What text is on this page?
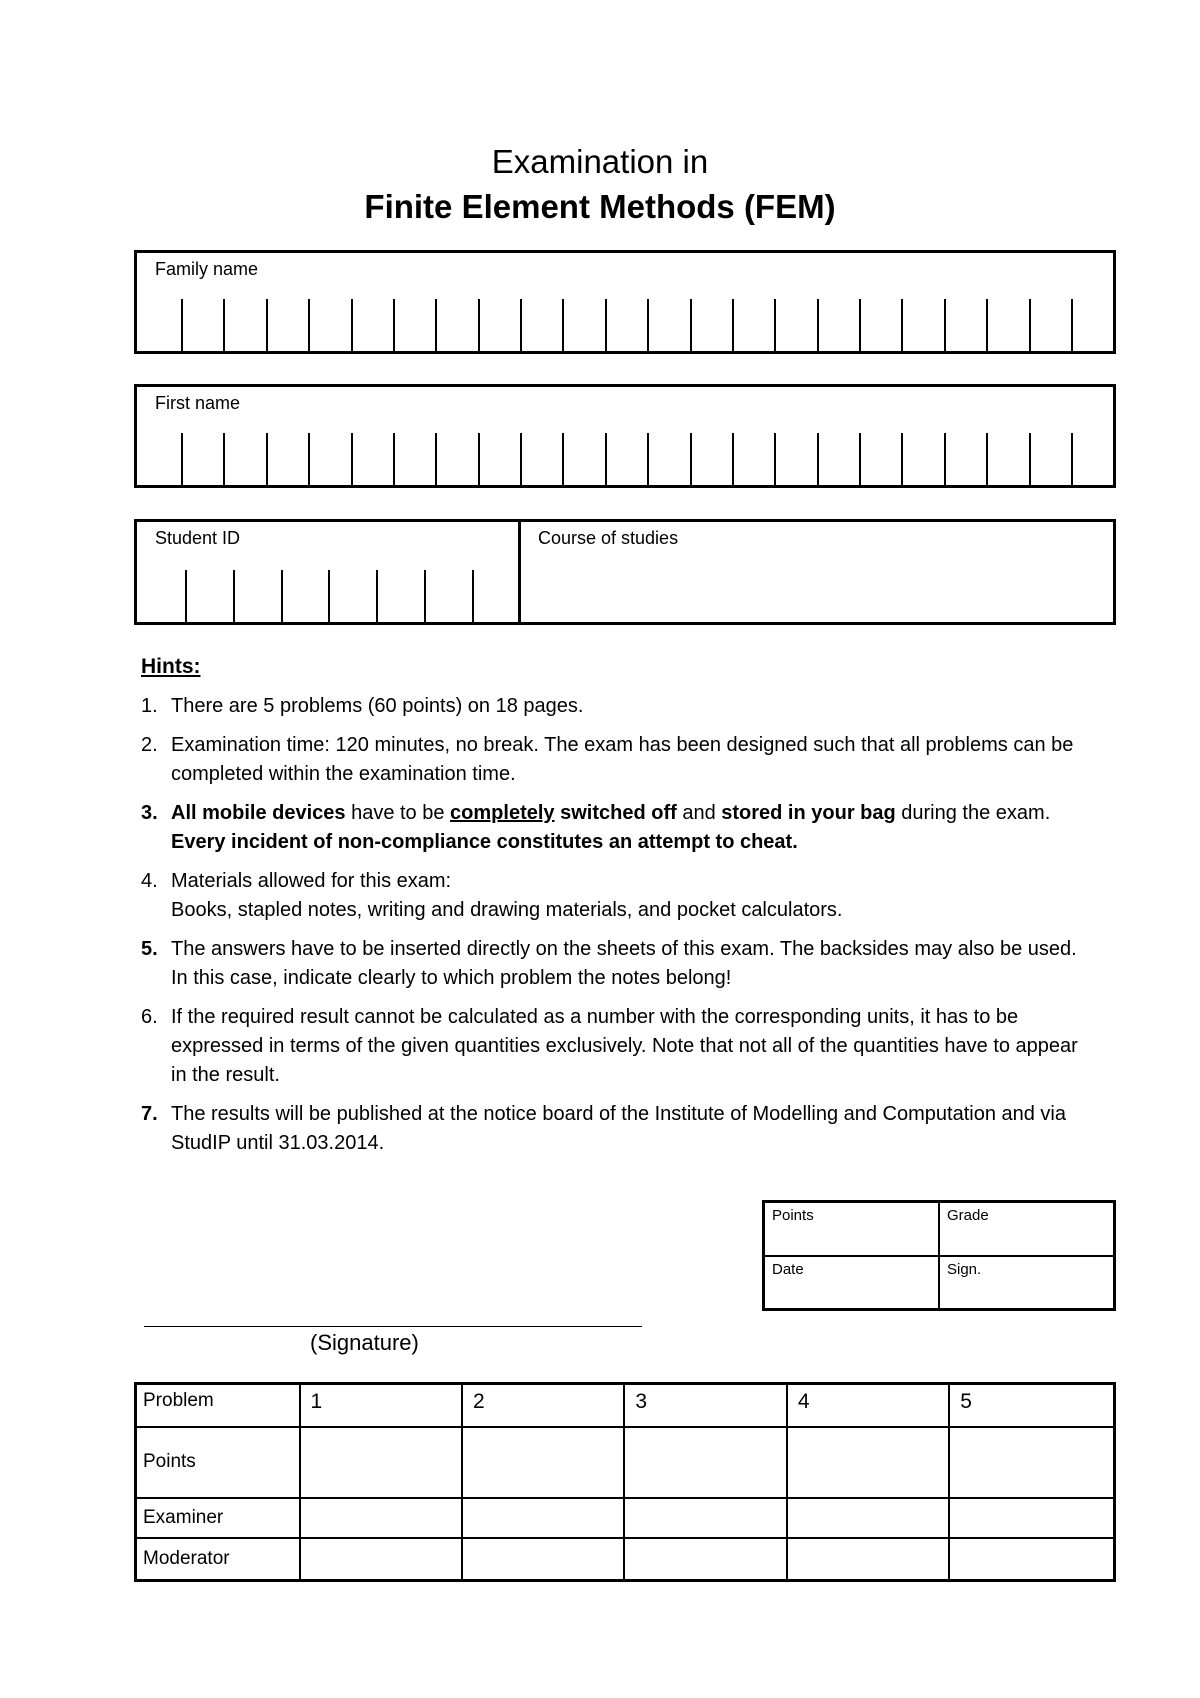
Examination in
Finite Element Methods (FEM)
Family name
First name
Student ID	Course of studies
Hints:
1. There are 5 problems (60 points) on 18 pages.
2. Examination time: 120 minutes, no break. The exam has been designed such that all problems can be completed within the examination time.
3. All mobile devices have to be completely switched off and stored in your bag during the exam. Every incident of non-compliance constitutes an attempt to cheat.
4. Materials allowed for this exam:
Books, stapled notes, writing and drawing materials, and pocket calculators.
5. The answers have to be inserted directly on the sheets of this exam. The backsides may also be used. In this case, indicate clearly to which problem the notes belong!
6. If the required result cannot be calculated as a number with the corresponding units, it has to be expressed in terms of the given quantities exclusively. Note that not all of the quantities have to appear in the result.
7. The results will be published at the notice board of the Institute of Modelling and Computation and via StudIP until 31.03.2014.
Points	Grade
Date	Sign.
(Signature)
Problem	1	2	3	4	5
Points					
Examiner					
Moderator					
